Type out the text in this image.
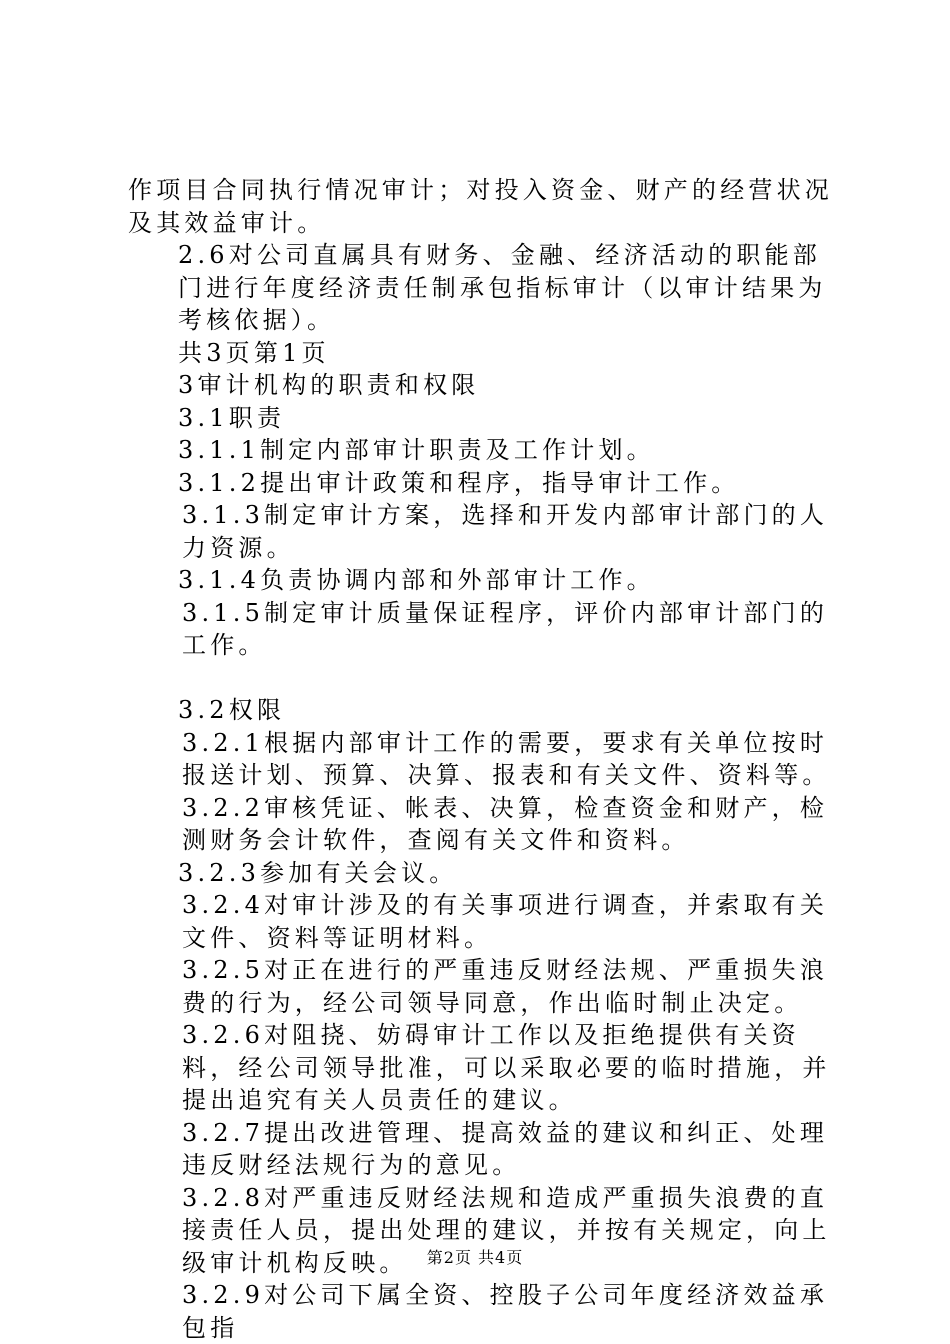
作项目合同执行情况审计；对投入资金、财产的经营状况及其效益审计。

2.6对公司直属具有财务、金融、经济活动的职能部门进行年度经济责任制承包指标审计（以审计结果为考核依据）。

共3页第1页

3审计机构的职责和权限

3.1职责

3.1.1制定内部审计职责及工作计划。

3.1.2提出审计政策和程序，指导审计工作。

3.1.3制定审计方案，选择和开发内部审计部门的人力资源。

3.1.4负责协调内部和外部审计工作。

3.1.5制定审计质量保证程序，评价内部审计部门的工作。

3.2权限

3.2.1根据内部审计工作的需要，要求有关单位按时报送计划、预算、决算、报表和有关文件、资料等。

3.2.2审核凭证、帐表、决算，检查资金和财产，检测财务会计软件，查阅有关文件和资料。

3.2.3参加有关会议。

3.2.4对审计涉及的有关事项进行调查，并索取有关文件、资料等证明材料。

3.2.5对正在进行的严重违反财经法规、严重损失浪费的行为，经公司领导同意，作出临时制止决定。

3.2.6对阻挠、妨碍审计工作以及拒绝提供有关资料，经公司领导批准，可以采取必要的临时措施，并提出追究有关人员责任的建议。

3.2.7提出改进管理、提高效益的建议和纠正、处理违反财经法规行为的意见。

3.2.8对严重违反财经法规和造成严重损失浪费的直接责任人员，提出处理的建议，并按有关规定，向上级审计机构反映。

3.2.9对公司下属全资、控股子公司年度经济效益承包指

第2页 共4页
